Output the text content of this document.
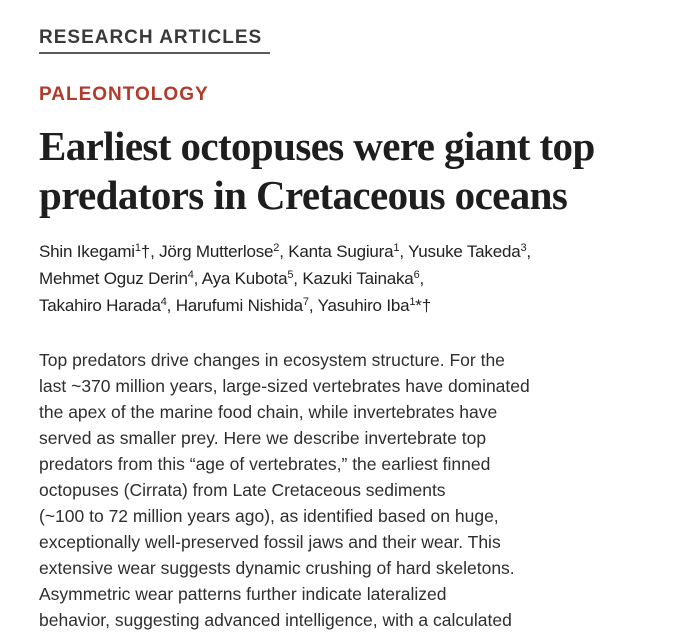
RESEARCH ARTICLES
PALEONTOLOGY
Earliest octopuses were giant top
predators in Cretaceous oceans
Shin Ikegami$^1$†, Jörg Mutterlose$^2$, Kanta Sugiura$^1$, Yusuke Takeda$^3$,
Mehmet Oguz Derin$^4$, Aya Kubota$^5$, Kazuki Tainaka$^6$,
Takahiro Harada$^4$, Harufumi Nishida$^7$, Yasuhiro Iba$^1$*†
Top predators drive changes in ecosystem structure. For the
last ~370 million years, large-sized vertebrates have dominated
the apex of the marine food chain, while invertebrates have
served as smaller prey. Here we describe invertebrate top
predators from this “age of vertebrates,” the earliest finned
octopuses (Cirrata) from Late Cretaceous sediments
(~100 to 72 million years ago), as identified based on huge,
exceptionally well-preserved fossil jaws and their wear. This
extensive wear suggests dynamic crushing of hard skeletons.
Asymmetric wear patterns further indicate lateralized
behavior, suggesting advanced intelligence, with a calculated
